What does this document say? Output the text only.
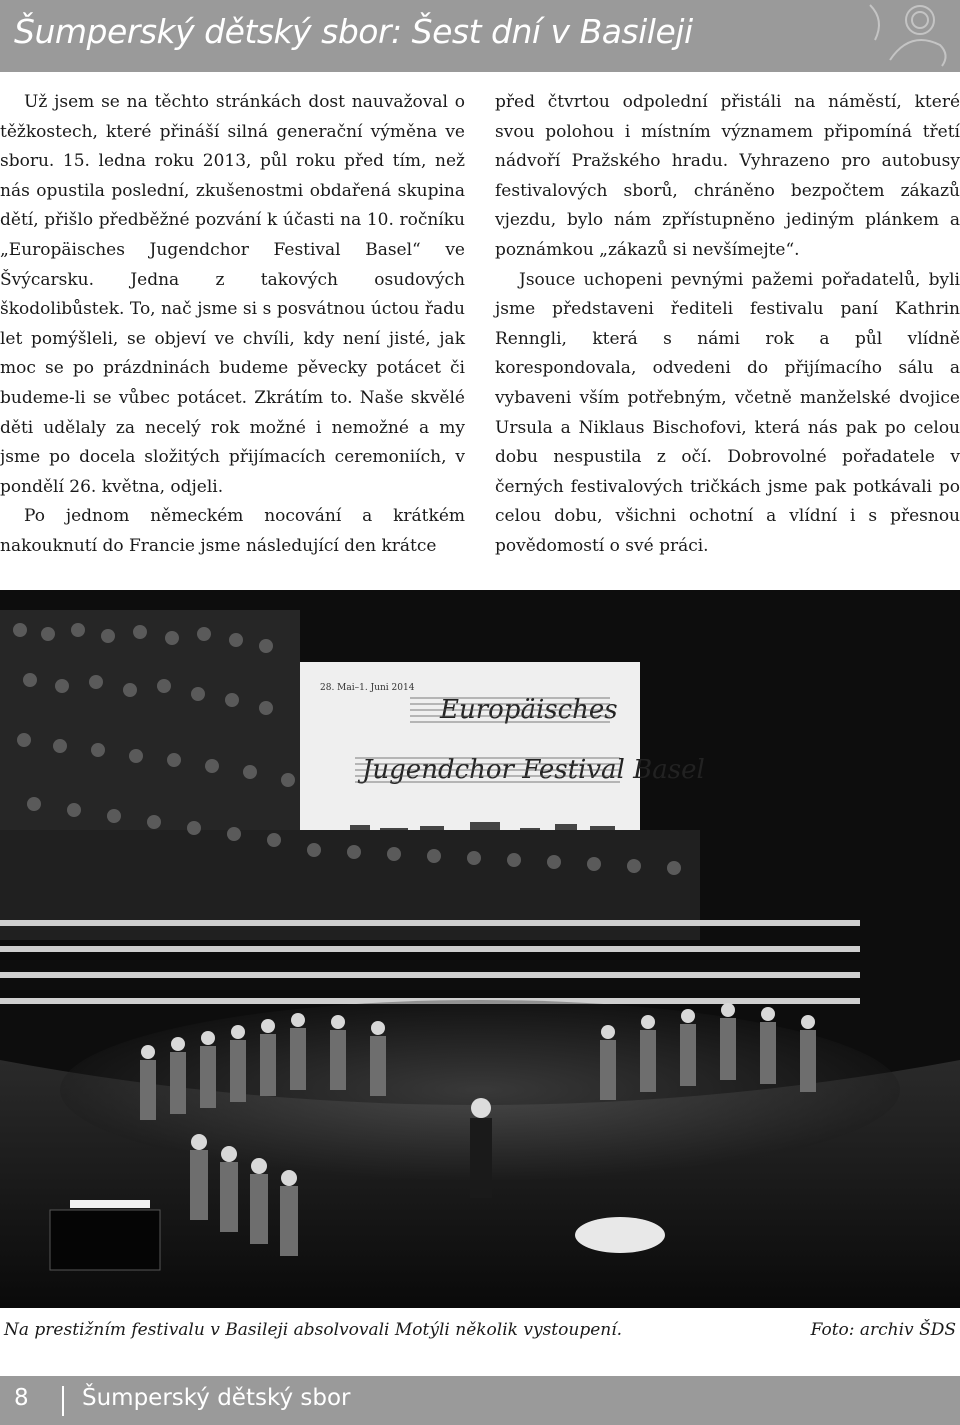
Šumperský dětský sbor: Šest dní v Basileji

Už jsem se na těchto stránkách dost nauvažoval o těžkostech, které přináší silná generační výměna ve sboru. 15. ledna roku 2013, půl roku před tím, než nás opustila poslední, zkušenostmi obdařená skupina dětí, přišlo předběžné pozvání k účasti na 10. ročníku „Europäisches Jugendchor Festival Basel“ ve Švýcarsku. Jedna z takových osudových škodolibůstek. To, nač jsme si s posvátnou úctou řadu let pomýšleli, se objeví ve chvíli, kdy není jisté, jak moc se po prázdninách budeme pěvecky potácet či budeme-li se vůbec potácet. Zkrátím to. Naše skvělé děti udělaly za necelý rok možné i nemožné a my jsme po docela složitých přijímacích ceremoniích, v pondělí 26. května, odjeli.

Po jednom německém nocování a krátkém nakouknutí do Francie jsme následující den krátce

před čtvrtou odpolední přistáli na náměstí, které svou polohou i místním významem připomíná třetí nádvoří Pražského hradu. Vyhrazeno pro autobusy festivalových sborů, chráněno bezpočtem zákazů vjezdu, bylo nám zpřístupněno jediným plánkem a poznámkou „zákazů si nevšímejte“.

Jsouce uchopeni pevnými pažemi pořadatelů, byli jsme představeni řediteli festivalu paní Kathrin Renngli, která s námi rok a půl vlídně korespondovala, odvedeni do přijímacího sálu a vybaveni vším potřebným, včetně manželské dvojice Ursula a Niklaus Bischofovi, která nás pak po celou dobu nespustila z očí. Dobrovolné pořadatele v černých festivalových tričkách jsme pak potkávali po celou dobu, všichni ochotní a vlídní i s přesnou povědomostí o své práci.

28. Mai–1. Juni 2014
Europäisches
Jugendchor Festival Basel
Na prestižním festivalu v Basileji absolvovali Motýli několik vystoupení.	Foto: archiv ŠDS
8 Šumperský dětský sbor
